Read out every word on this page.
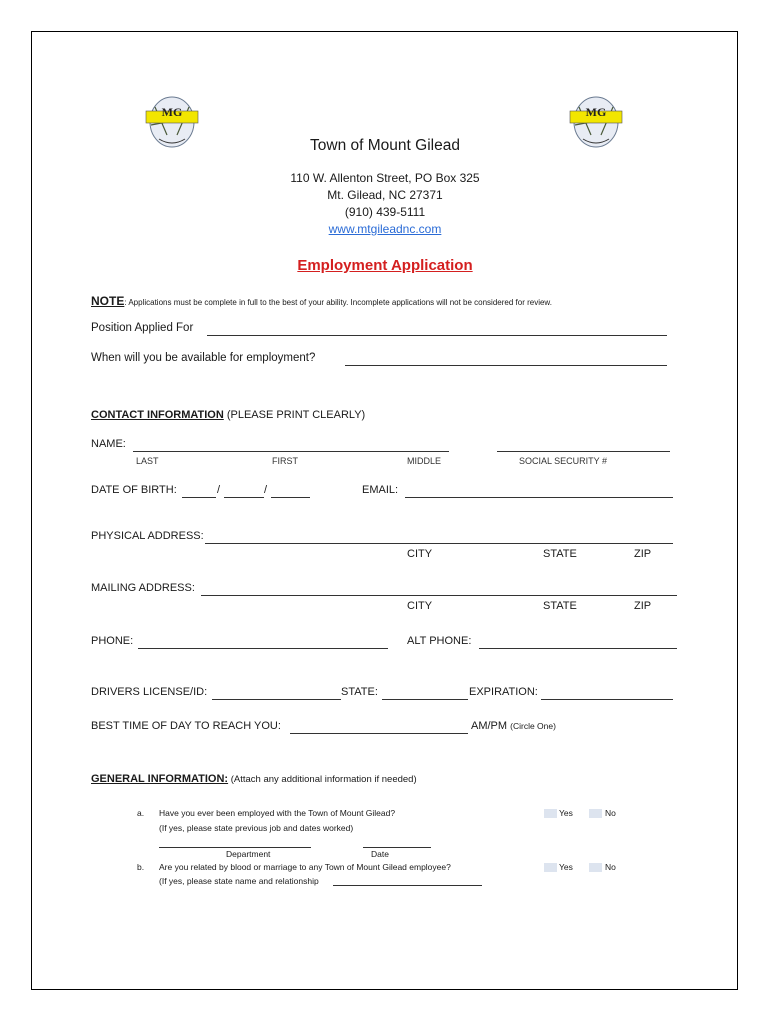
MG	MG
Town of Mount Gilead
110 W. Allenton Street, PO Box 325
Mt. Gilead, NC 27371
(910) 439-5111
www.mtgileadnc.com
Employment Application
NOTE: Applications must be complete in full to the best of your ability. Incomplete applications will not be considered for review.
Position Applied For
When will you be available for employment?
CONTACT INFORMATION (PLEASE PRINT CLEARLY)
NAME:
LAST	FIRST	MIDDLE	SOCIAL SECURITY #
DATE OF BIRTH:	/	/	EMAIL:
PHYSICAL ADDRESS:
CITY	STATE	ZIP
MAILING ADDRESS:
CITY	STATE	ZIP
PHONE:	ALT PHONE:
DRIVERS LICENSE/ID:	STATE:	EXPIRATION:
BEST TIME OF DAY TO REACH YOU:	AM/PM (Circle One)
GENERAL INFORMATION: (Attach any additional information if needed)
a. Have you ever been employed with the Town of Mount Gilead?
(If yes, please state previous job and dates worked)
Yes	No
Department	Date
b. Are you related by blood or marriage to any Town of Mount Gilead employee?
(If yes, please state name and relationship
Yes	No
